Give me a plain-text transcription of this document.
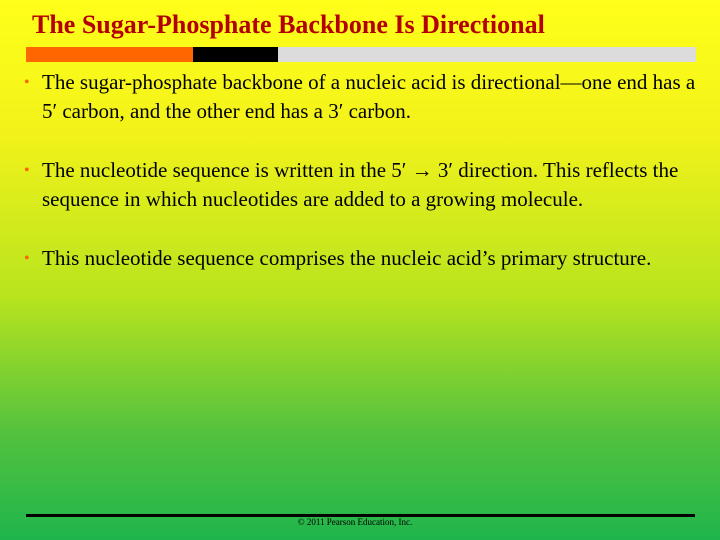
The Sugar-Phosphate Backbone Is Directional
• The sugar-phosphate backbone of a nucleic acid is directional—one end has a 5′ carbon, and the other end has a 3′ carbon.
• The nucleotide sequence is written in the 5′ → 3′ direction. This reflects the sequence in which nucleotides are added to a growing molecule.
• This nucleotide sequence comprises the nucleic acid’s primary structure.
© 2011 Pearson Education, Inc.
